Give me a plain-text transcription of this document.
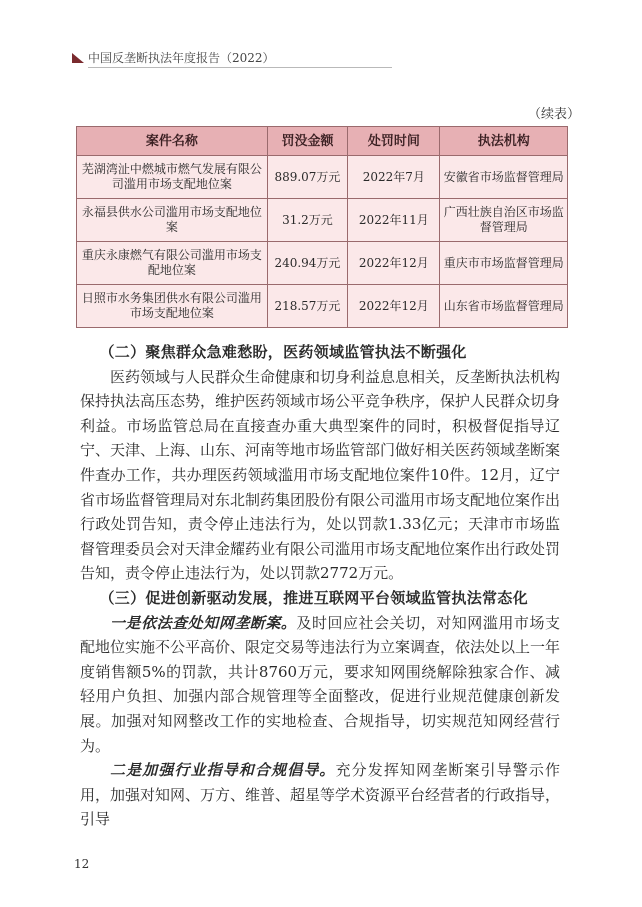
中国反垄断执法年度报告（2022）
（续表）
案件名称	罚没金额	处罚时间	执法机构
芜湖湾沚中燃城市燃气发展有限公司滥用市场支配地位案	889.07万元	2022年7月	安徽省市场监督管理局
永福县供水公司滥用市场支配地位案	31.2万元	2022年11月	广西壮族自治区市场监督管理局
重庆永康燃气有限公司滥用市场支配地位案	240.94万元	2022年12月	重庆市市场监督管理局
日照市水务集团供水有限公司滥用市场支配地位案	218.57万元	2022年12月	山东省市场监督管理局
（二）聚焦群众急难愁盼，医药领域监管执法不断强化

医药领域与人民群众生命健康和切身利益息息相关，反垄断执法机构保持执法高压态势，维护医药领域市场公平竞争秩序，保护人民群众切身利益。市场监管总局在直接查办重大典型案件的同时，积极督促指导辽宁、天津、上海、山东、河南等地市场监管部门做好相关医药领域垄断案件查办工作，共办理医药领域滥用市场支配地位案件10件。12月，辽宁省市场监督管理局对东北制药集团股份有限公司滥用市场支配地位案作出行政处罚告知，责令停止违法行为，处以罚款1.33亿元；天津市市场监督管理委员会对天津金耀药业有限公司滥用市场支配地位案作出行政处罚告知，责令停止违法行为，处以罚款2772万元。

（三）促进创新驱动发展，推进互联网平台领域监管执法常态化

一是依法查处知网垄断案。及时回应社会关切，对知网滥用市场支配地位实施不公平高价、限定交易等违法行为立案调查，依法处以上一年度销售额5%的罚款，共计8760万元，要求知网围绕解除独家合作、减轻用户负担、加强内部合规管理等全面整改，促进行业规范健康创新发展。加强对知网整改工作的实地检查、合规指导，切实规范知网经营行为。

二是加强行业指导和合规倡导。充分发挥知网垄断案引导警示作用，加强对知网、万方、维普、超星等学术资源平台经营者的行政指导，引导

12
